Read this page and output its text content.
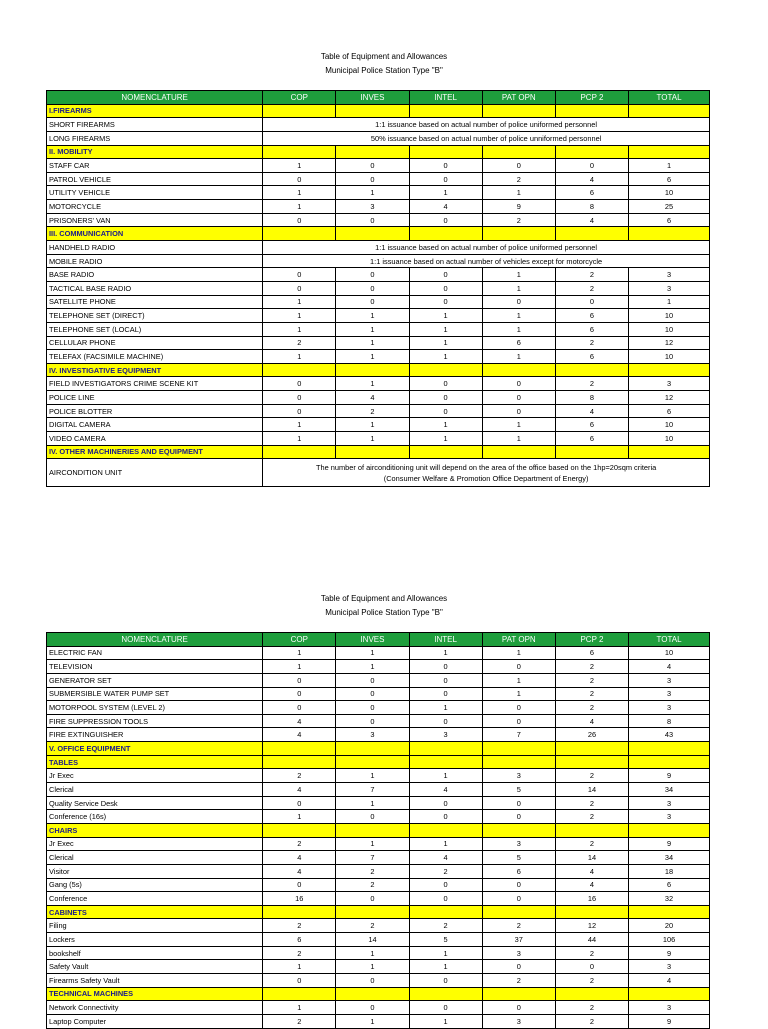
Table of Equipment and Allowances
Municipal Police Station Type "B"
NOMENCLATURE	COP	INVES	INTEL	PAT OPN	PCP 2	TOTAL
I.FIREARMS						
SHORT FIREARMS	1:1 issuance based on actual number of police uniformed personnel					
LONG FIREARMS	50% issuance based on actual number of police unniformed personnel					
II. MOBILITY						
STAFF CAR	1	0	0	0	0	1
PATROL VEHICLE	0	0	0	2	4	6
UTILITY VEHICLE	1	1	1	1	6	10
MOTORCYCLE	1	3	4	9	8	25
PRISONERS' VAN	0	0	0	2	4	6
III. COMMUNICATION						
HANDHELD RADIO	1:1 issuance based on actual number of police uniformed personnel					
MOBILE RADIO	1:1 issuance based on actual number of vehicles except for motorcycle					
BASE RADIO	0	0	0	1	2	3
TACTICAL BASE RADIO	0	0	0	1	2	3
SATELLITE PHONE	1	0	0	0	0	1
TELEPHONE SET (DIRECT)	1	1	1	1	6	10
TELEPHONE SET (LOCAL)	1	1	1	1	6	10
CELLULAR PHONE	2	1	1	6	2	12
TELEFAX (FACSIMILE MACHINE)	1	1	1	1	6	10
IV. INVESTIGATIVE EQUIPMENT						
FIELD INVESTIGATORS CRIME SCENE KIT	0	1	0	0	2	3
POLICE LINE	0	4	0	0	8	12
POLICE BLOTTER	0	2	0	0	4	6
DIGITAL CAMERA	1	1	1	1	6	10
VIDEO CAMERA	1	1	1	1	6	10
IV. OTHER MACHINERIES AND EQUIPMENT						
AIRCONDITION UNIT	The number of airconditioning unit will depend on the area of the office based on the 1hp=20sqm criteria
(Consumer Welfare & Promotion Office Department of Energy)					
Table of Equipment and Allowances
Municipal Police Station Type "B"
NOMENCLATURE	COP	INVES	INTEL	PAT OPN	PCP 2	TOTAL
ELECTRIC FAN	1	1	1	1	6	10
TELEVISION	1	1	0	0	2	4
GENERATOR SET	0	0	0	1	2	3
SUBMERSIBLE WATER PUMP SET	0	0	0	1	2	3
MOTORPOOL SYSTEM (LEVEL 2)	0	0	1	0	2	3
FIRE SUPPRESSION TOOLS	4	0	0	0	4	8
FIRE EXTINGUISHER	4	3	3	7	26	43
V. OFFICE EQUIPMENT						
TABLES						
Jr Exec	2	1	1	3	2	9
Clerical	4	7	4	5	14	34
Quality Service Desk	0	1	0	0	2	3
Conference (16s)	1	0	0	0	2	3
CHAIRS						
Jr Exec	2	1	1	3	2	9
Clerical	4	7	4	5	14	34
Visitor	4	2	2	6	4	18
Gang (5s)	0	2	0	0	4	6
Conference	16	0	0	0	16	32
CABINETS						
Filing	2	2	2	2	12	20
Lockers	6	14	5	37	44	106
bookshelf	2	1	1	3	2	9
Safety Vault	1	1	1	0	0	3
Firearms Safety Vault	0	0	0	2	2	4
TECHNICAL MACHINES						
Network Connectivity	1	0	0	0	2	3
Laptop Computer	2	1	1	3	2	9
